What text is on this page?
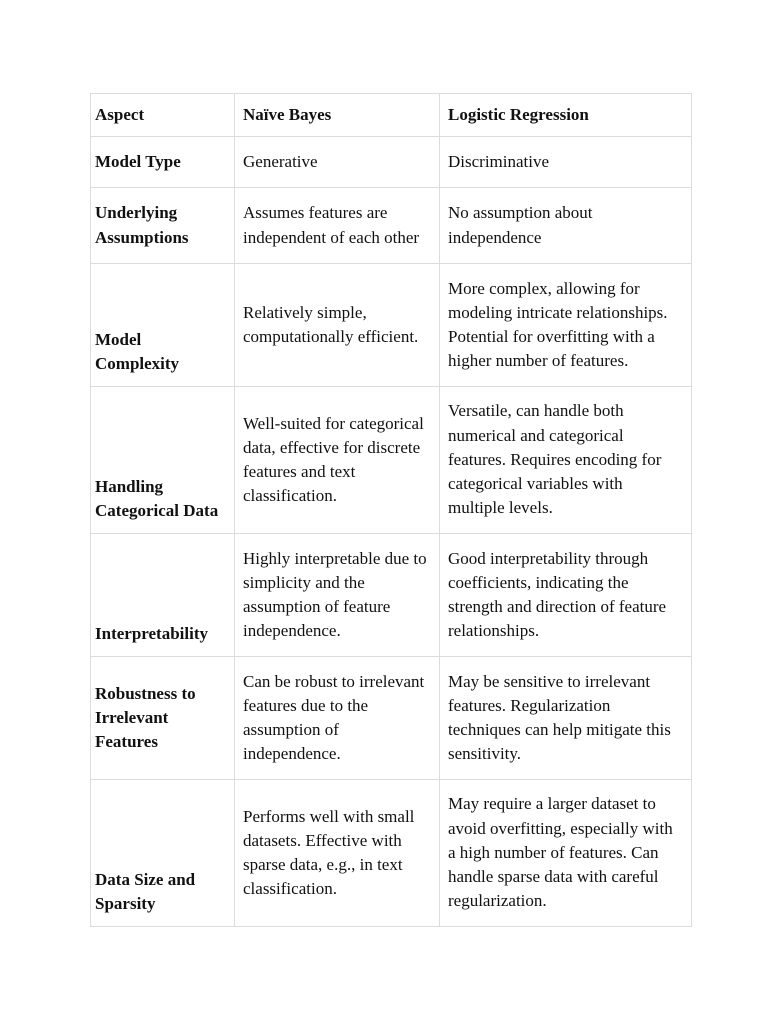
Aspect	Naïve Bayes	Logistic Regression
Model Type	Generative	Discriminative
Underlying Assumptions	Assumes features are independent of each other	No assumption about independence
Model Complexity	Relatively simple, computationally efficient.	More complex, allowing for modeling intricate relationships. Potential for overfitting with a higher number of features.
Handling Categorical Data	Well-suited for categorical data, effective for discrete features and text classification.	Versatile, can handle both numerical and categorical features. Requires encoding for categorical variables with multiple levels.
Interpretability	Highly interpretable due to simplicity and the assumption of feature independence.	Good interpretability through coefficients, indicating the strength and direction of feature relationships.
Robustness to Irrelevant Features	Can be robust to irrelevant features due to the assumption of independence.	May be sensitive to irrelevant features. Regularization techniques can help mitigate this sensitivity.
Data Size and Sparsity	Performs well with small datasets. Effective with sparse data, e.g., in text classification.	May require a larger dataset to avoid overfitting, especially with a high number of features. Can handle sparse data with careful regularization.
